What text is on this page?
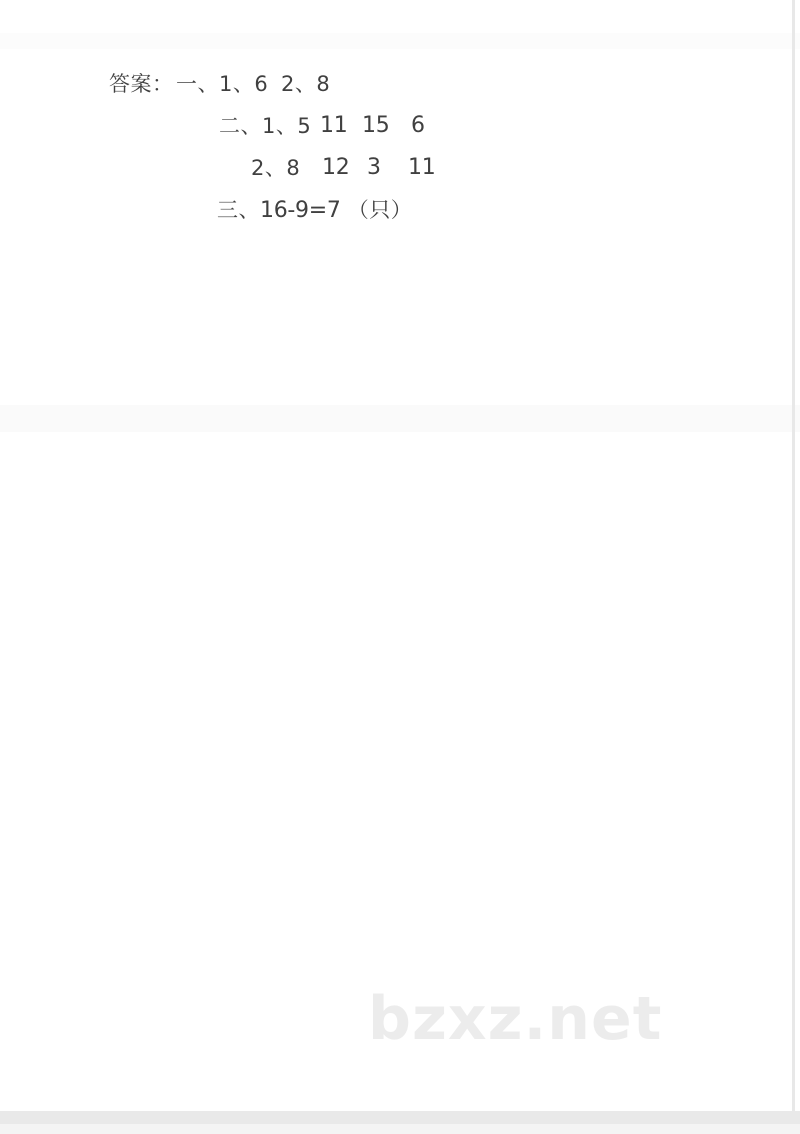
答案： 一、1、6 2、8
二、1、5 11 15 6
2、8 12 3 11
三、16-9=7 （只）
bzxz.net
